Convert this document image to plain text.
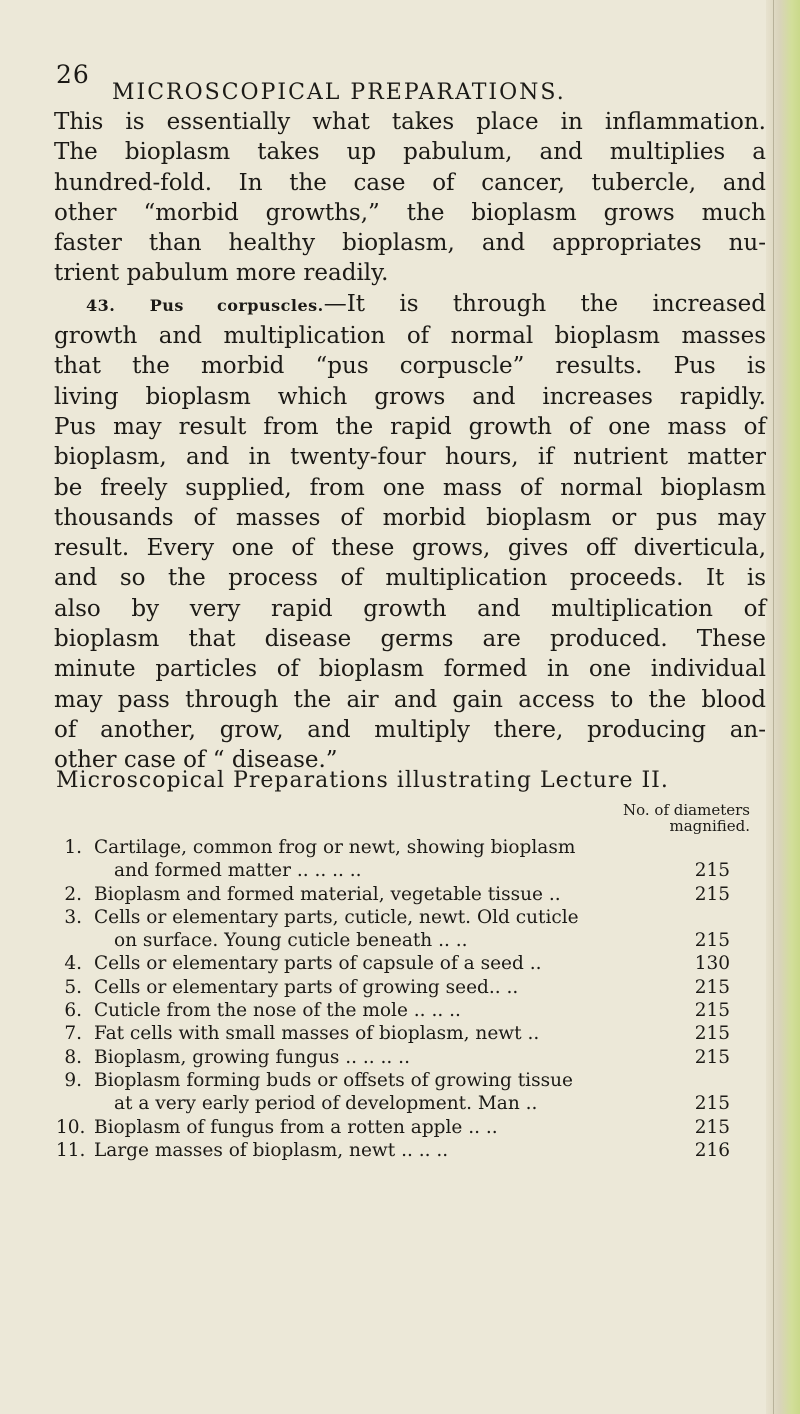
26
MICROSCOPICAL PREPARATIONS.
This is essentially what takes place in inflammation.
The bioplasm takes up pabulum, and multiplies a
hundred-fold. In the case of cancer, tubercle, and
other “morbid growths,” the bioplasm grows much
faster than healthy bioplasm, and appropriates nu-
trient pabulum more readily.
43. Pus corpuscles.—It is through the increased
growth and multiplication of normal bioplasm masses
that the morbid “pus corpuscle” results. Pus is
living bioplasm which grows and increases rapidly.
Pus may result from the rapid growth of one mass of
bioplasm, and in twenty-four hours, if nutrient matter
be freely supplied, from one mass of normal bioplasm
thousands of masses of morbid bioplasm or pus may
result. Every one of these grows, gives off diverticula,
and so the process of multiplication proceeds. It is
also by very rapid growth and multiplication of
bioplasm that disease germs are produced. These
minute particles of bioplasm formed in one individual
may pass through the air and gain access to the blood
of another, grow, and multiply there, producing an-
other case of “ disease.”
Microscopical Preparations illustrating Lecture II.
No. of diameters
magnified.
1. Cartilage, common frog or newt, showing bioplasm
and formed matter .. .. .. ..	215
2. Bioplasm and formed material, vegetable tissue ..	215
3. Cells or elementary parts, cuticle, newt. Old cuticle
on surface. Young cuticle beneath .. ..	215
4. Cells or elementary parts of capsule of a seed ..	130
5. Cells or elementary parts of growing seed.. ..	215
6. Cuticle from the nose of the mole .. .. ..	215
7. Fat cells with small masses of bioplasm, newt ..	215
8. Bioplasm, growing fungus .. .. .. ..	215
9. Bioplasm forming buds or offsets of growing tissue
at a very early period of development. Man ..	215
10. Bioplasm of fungus from a rotten apple .. ..	215
11. Large masses of bioplasm, newt .. .. ..	216
